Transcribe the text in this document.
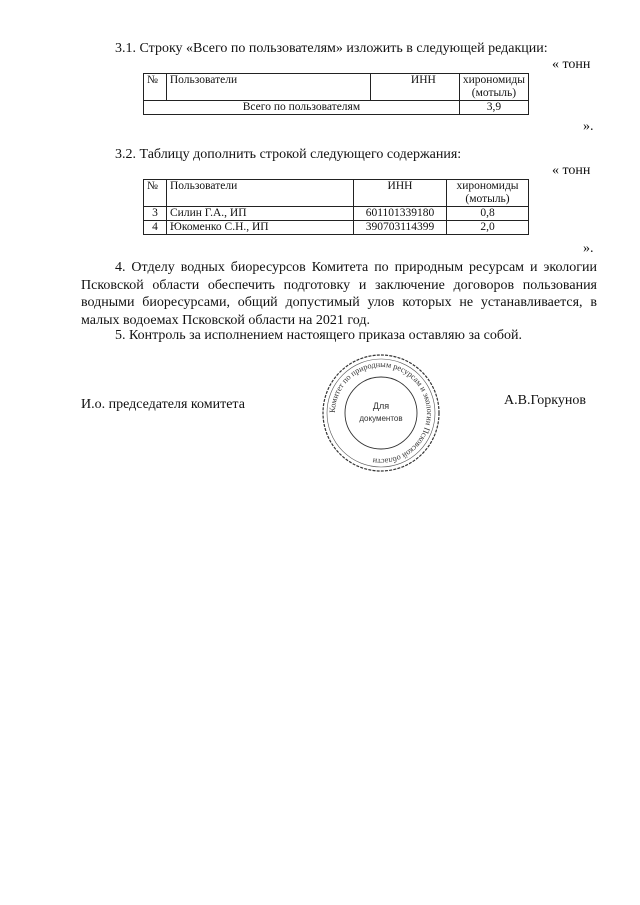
3.1. Строку «Всего по пользователям» изложить в следующей редакции:
« тонн
№	Пользователи	ИНН	хирономиды
(мотыль)

Всего по пользователям			3,9
».
3.2. Таблицу дополнить строкой следующего содержания:
« тонн
№	Пользователи	ИНН	хирономиды
(мотыль)

3	Силин Г.А., ИП	601101339180	0,8
4	Юкоменко С.Н., ИП	390703114399	2,0
».
4. Отделу водных биоресурсов Комитета по природным ресурсам и экологии Псковской области обеспечить подготовку и заключение договоров пользования водными биоресурсами, общий допустимый улов которых не устанавливается, в малых водоемах Псковской области на 2021 год.
5. Контроль за исполнением настоящего приказа оставляю за собой.
И.о. председателя комитета	А.В.Горкунов
Комитет по природным ресурсам и экологии Псковской области
Для
документов
